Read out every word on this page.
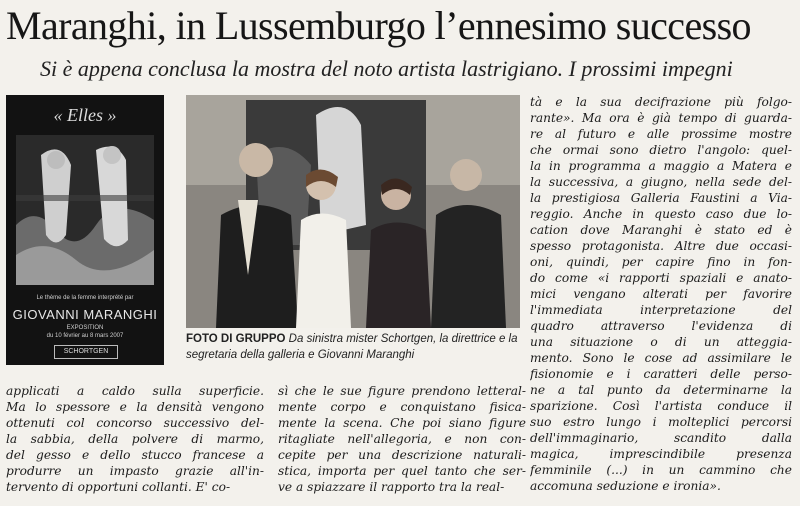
Maranghi, in Lussemburgo l’ennesimo successo
Si è appena conclusa la mostra del noto artista lastrigiano. I prossimi impegni
« Elles »
Le thème de la femme interprété par
GIOVANNI MARANGHI
EXPOSITION
du 10 février au 8 mars 2007
SCHORTGEN
FOTO DI GRUPPO Da sinistra mister Schortgen, la direttrice e la segretaria della galleria e Giovanni Maranghi
tà e la sua decifrazione più folgo-
rante». Ma ora è già tempo di guarda-
re al futuro e alle prossime mostre
che ormai sono dietro l'angolo: quel-
la in programma a maggio a Matera e
la successiva, a giugno, nella sede del-
la prestigiosa Galleria Faustini a Via-
reggio. Anche in questo caso due lo-
cation dove Maranghi è stato ed è
spesso protagonista. Altre due occasi-
oni, quindi, per capire fino in fon-
do come «i rapporti spaziali e anato-
mici vengano alterati per favorire
l'immediata interpretazione del
quadro attraverso l'evidenza di
una situazione o di un atteggia-
mento. Sono le cose ad assimilare le
fisionomie e i caratteri delle perso-
ne a tal punto da determinarne la
sparizione. Così l'artista conduce il
suo estro lungo i molteplici percorsi
dell'immaginario, scandito dalla
magica, imprescindibile presenza
femminile (...) in un cammino che
accomuna seduzione e ironia».
applicati a caldo sulla superficie.
Ma lo spessore e la densità vengono
ottenuti col concorso successivo del-
la sabbia, della polvere di marmo,
del gesso e dello stucco francese a
produrre un impasto grazie all'in-
tervento di opportuni collanti. E' co-
sì che le sue figure prendono letteral-
mente corpo e conquistano fisica-
mente la scena. Che poi siano figure
ritagliate nell'allegoria, e non con-
cepite per una descrizione naturali-
stica, importa per quel tanto che ser-
ve a spiazzare il rapporto tra la real-
